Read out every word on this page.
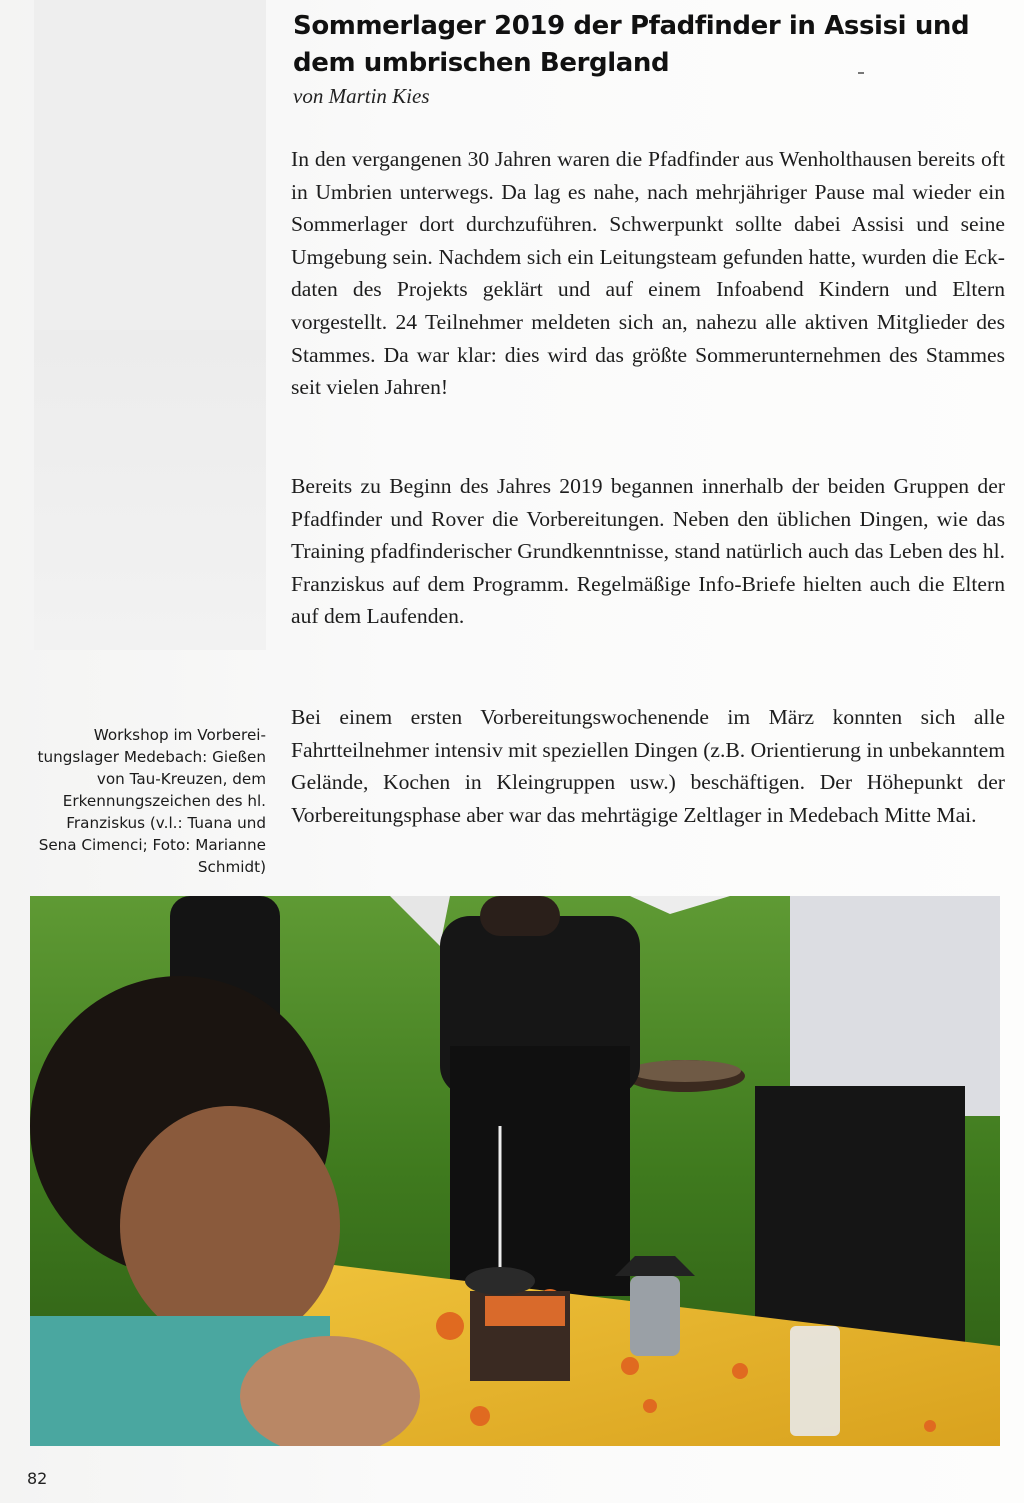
Sommerlager 2019 der Pfadfinder in Assisi und dem umbrischen Bergland

von Martin Kies

In den vergangenen 30 Jahren waren die Pfadfinder aus Wenholthausen bereits oft in Umbrien unterwegs. Da lag es nahe, nach mehrjähriger Pause mal wieder ein Sommerlager dort durchzuführen. Schwerpunkt sollte dabei Assisi und seine Umgebung sein. Nachdem sich ein Leitungsteam gefunden hatte, wurden die Eckdaten des Projekts geklärt und auf einem Infoabend Kindern und Eltern vorgestellt. 24 Teilnehmer meldeten sich an, nahezu alle aktiven Mitglieder des Stammes. Da war klar: dies wird das größte Sommerunternehmen des Stammes seit vielen Jahren!

Bereits zu Beginn des Jahres 2019 begannen innerhalb der beiden Gruppen der Pfadfinder und Rover die Vorbereitungen. Neben den üblichen Dingen, wie das Training pfadfinderischer Grundkenntnisse, stand natürlich auch das Leben des hl. Franziskus auf dem Programm. Regelmäßige Info-Briefe hielten auch die Eltern auf dem Laufenden.

Bei einem ersten Vorbereitungswochenende im März konnten sich alle Fahrtteilnehmer intensiv mit speziellen Dingen (z.B. Orientierung in unbekanntem Gelände, Kochen in Kleingruppen usw.) beschäftigen. Der Höhepunkt der Vorbereitungsphase aber war das mehrtägige Zeltlager in Medebach Mitte Mai.

Workshop im Vorbereitungslager Medebach: Gießen von Tau-Kreuzen, dem Erkennungszeichen des hl. Franziskus (v.l.: Tuana und Sena Cimenci; Foto: Marianne Schmidt)

82
